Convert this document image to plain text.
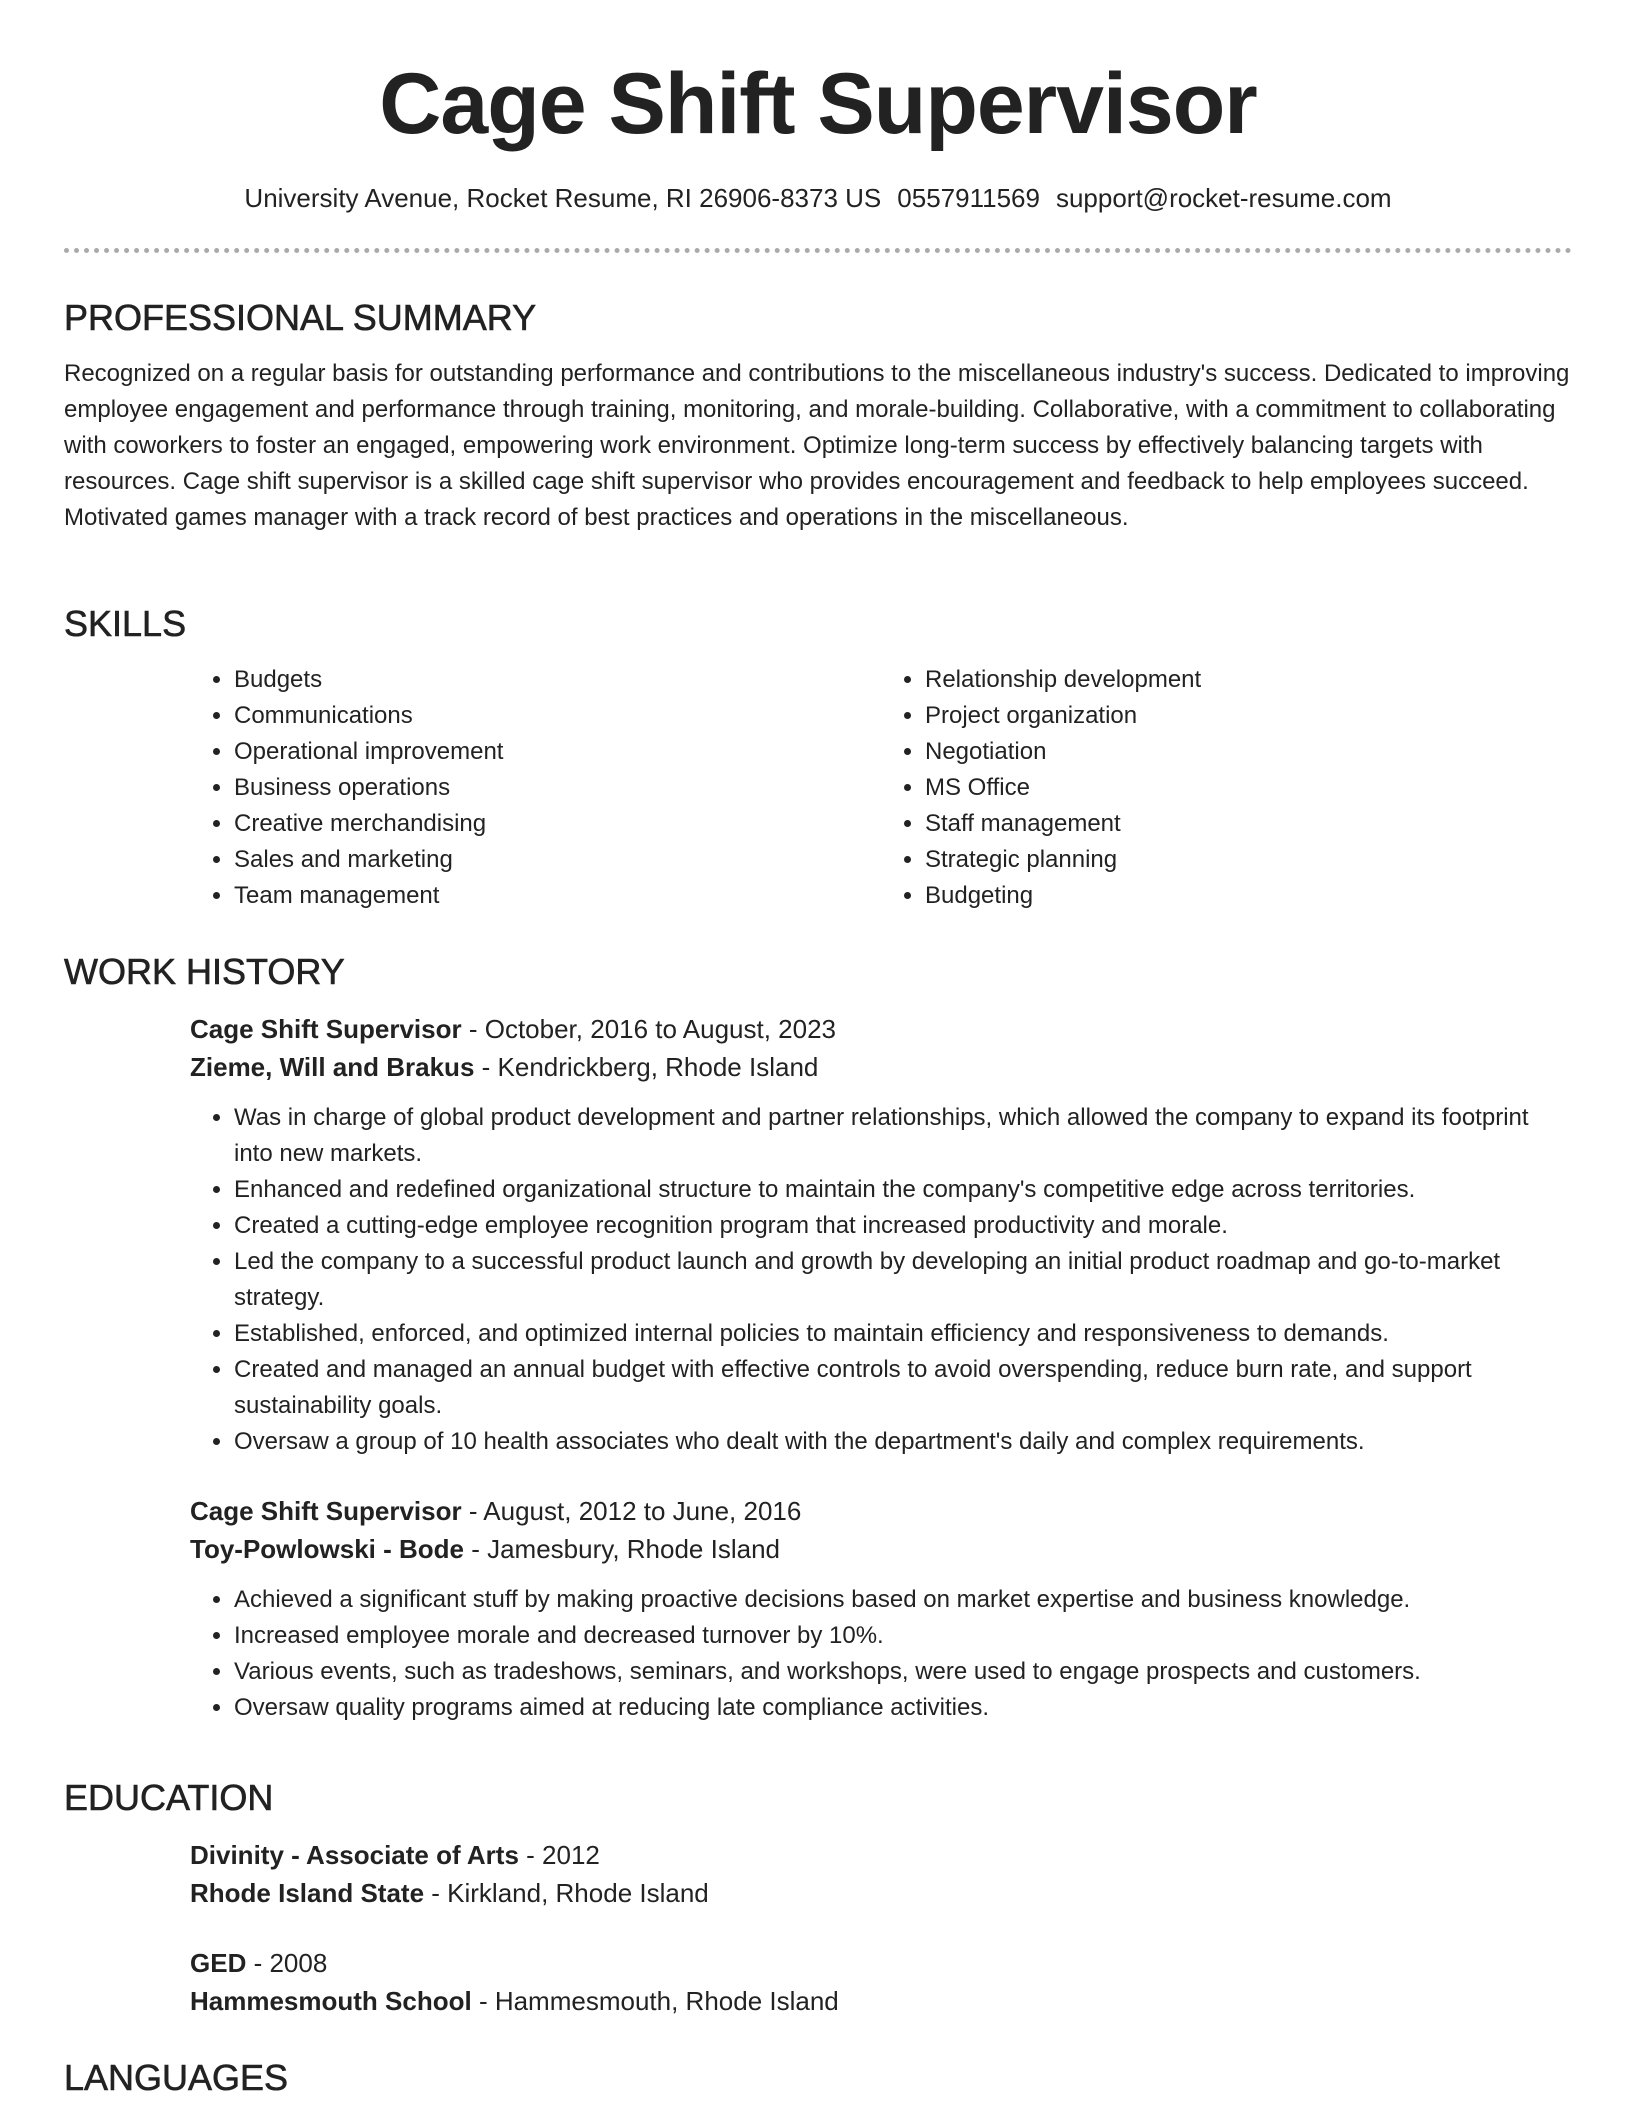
Cage Shift Supervisor
University Avenue, Rocket Resume, RI 26906-8373 US 0557911569 support@rocket-resume.com
PROFESSIONAL SUMMARY

Recognized on a regular basis for outstanding performance and contributions to the miscellaneous industry's success. Dedicated to improving employee engagement and performance through training, monitoring, and morale-building. Collaborative, with a commitment to collaborating with coworkers to foster an engaged, empowering work environment. Optimize long-term success by effectively balancing targets with resources. Cage shift supervisor is a skilled cage shift supervisor who provides encouragement and feedback to help employees succeed. Motivated games manager with a track record of best practices and operations in the miscellaneous.

SKILLS
• Budgets
• Communications
• Operational improvement
• Business operations
• Creative merchandising
• Sales and marketing
• Team management
• Relationship development
• Project organization
• Negotiation
• MS Office
• Staff management
• Strategic planning
• Budgeting
WORK HISTORY

Cage Shift Supervisor - October, 2016 to August, 2023

Zieme, Will and Brakus - Kendrickberg, Rhode Island

• Was in charge of global product development and partner relationships, which allowed the company to expand its footprint into new markets.
• Enhanced and redefined organizational structure to maintain the company's competitive edge across territories.
• Created a cutting-edge employee recognition program that increased productivity and morale.
• Led the company to a successful product launch and growth by developing an initial product roadmap and go-to-market strategy.
• Established, enforced, and optimized internal policies to maintain efficiency and responsiveness to demands.
• Created and managed an annual budget with effective controls to avoid overspending, reduce burn rate, and support sustainability goals.
• Oversaw a group of 10 health associates who dealt with the department's daily and complex requirements.

Cage Shift Supervisor - August, 2012 to June, 2016

Toy-Powlowski - Bode - Jamesbury, Rhode Island

• Achieved a significant stuff by making proactive decisions based on market expertise and business knowledge.
• Increased employee morale and decreased turnover by 10%.
• Various events, such as tradeshows, seminars, and workshops, were used to engage prospects and customers.
• Oversaw quality programs aimed at reducing late compliance activities.
EDUCATION

Divinity - Associate of Arts - 2012

Rhode Island State - Kirkland, Rhode Island

GED - 2008

Hammesmouth School - Hammesmouth, Rhode Island

LANGUAGES
